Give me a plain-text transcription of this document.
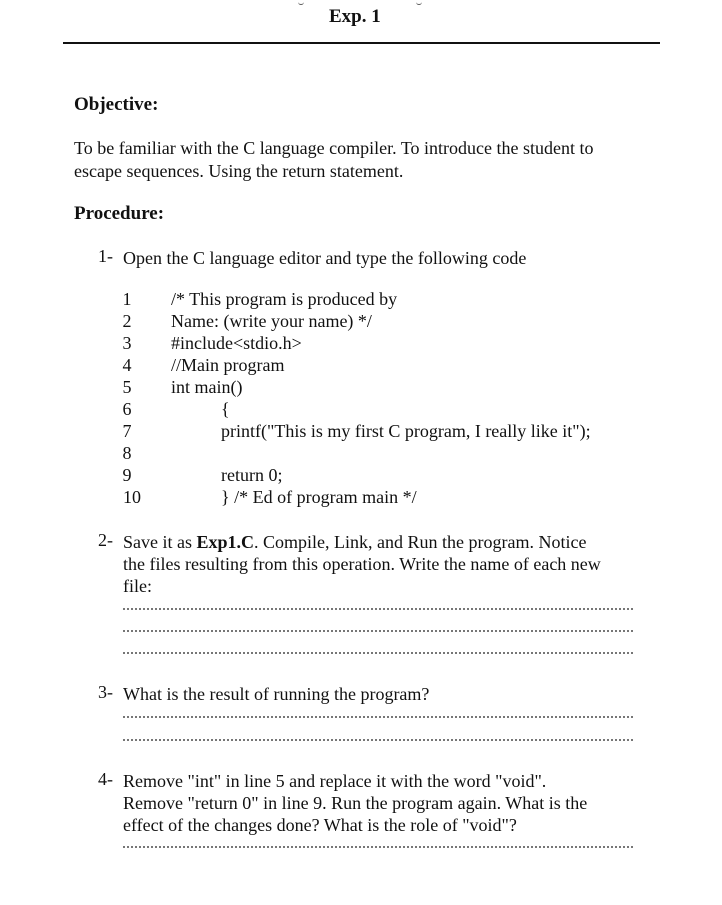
Exp. 1
Objective:
To be familiar with the C language compiler. To introduce the student to
escape sequences. Using the return statement.
Procedure:
1- Open the C language editor and type the following code
1
2
3
4
5
6
7
8
9
10
/* This program is produced by
Name: (write your name) */
#include<stdio.h>
//Main program
int main()
{
printf("This is my first C program, I really like it");
return 0;
} /* Ed of program main */
2- Save it as Exp1.C. Compile, Link, and Run the program. Notice
the files resulting from this operation. Write the name of each new
file:
3- What is the result of running the program?
4- Remove "int" in line 5 and replace it with the word "void".
Remove "return 0" in line 9. Run the program again. What is the
effect of the changes done? What is the role of "void"?
